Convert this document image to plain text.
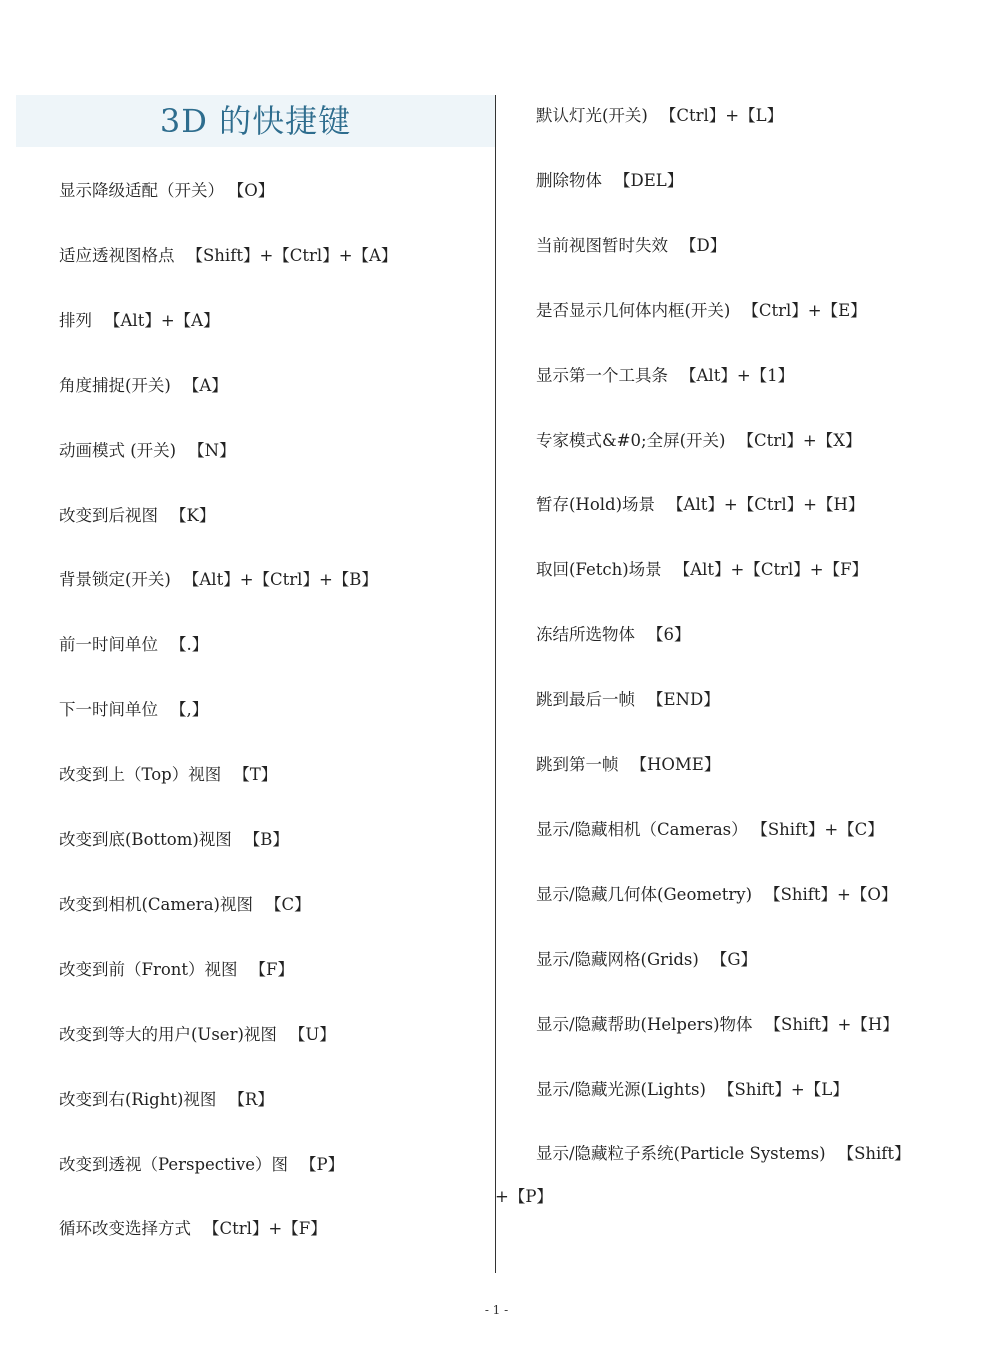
3D 的快捷键
显示降级适配（开关） 【O】
适应透视图格点 【Shift】+【Ctrl】+【A】
排列 【Alt】+【A】
角度捕捉(开关) 【A】
动画模式 (开关) 【N】
改变到后视图 【K】
背景锁定(开关) 【Alt】+【Ctrl】+【B】
前一时间单位 【.】
下一时间单位 【,】
改变到上（Top）视图 【T】
改变到底(Bottom)视图 【B】
改变到相机(Camera)视图 【C】
改变到前（Front）视图 【F】
改变到等大的用户(User)视图 【U】
改变到右(Right)视图 【R】
改变到透视（Perspective）图 【P】
循环改变选择方式 【Ctrl】+【F】
默认灯光(开关) 【Ctrl】+【L】
删除物体 【DEL】
当前视图暂时失效 【D】
是否显示几何体内框(开关) 【Ctrl】+【E】
显示第一个工具条 【Alt】+【1】
专家模式&#0;全屏(开关) 【Ctrl】+【X】
暂存(Hold)场景 【Alt】+【Ctrl】+【H】
取回(Fetch)场景 【Alt】+【Ctrl】+【F】
冻结所选物体 【6】
跳到最后一帧 【END】
跳到第一帧 【HOME】
显示/隐藏相机（Cameras） 【Shift】+【C】
显示/隐藏几何体(Geometry) 【Shift】+【O】
显示/隐藏网格(Grids) 【G】
显示/隐藏帮助(Helpers)物体 【Shift】+【H】
显示/隐藏光源(Lights) 【Shift】+【L】
显示/隐藏粒子系统(Particle Systems) 【Shift】
+【P】
- 1 -
